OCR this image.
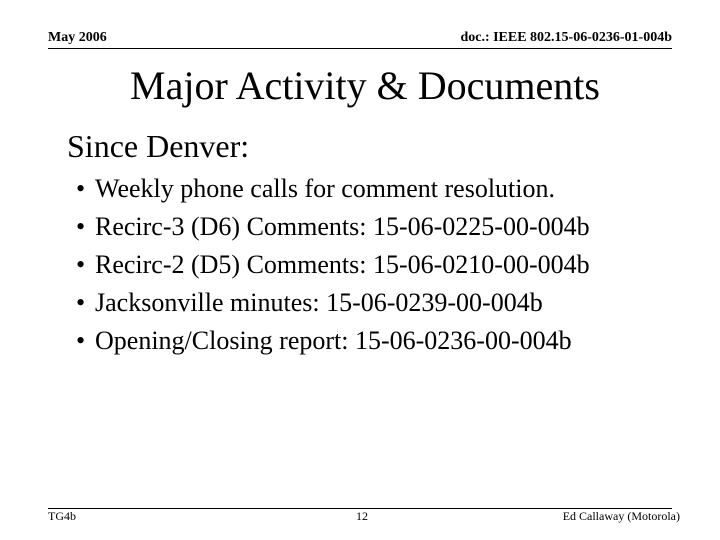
May 2006	doc.: IEEE 802.15-06-0236-01-004b
Major Activity & Documents
Since Denver:
• Weekly phone calls for comment resolution.
• Recirc-3 (D6) Comments: 15-06-0225-00-004b
• Recirc-2 (D5) Comments: 15-06-0210-00-004b
• Jacksonville minutes: 15-06-0239-00-004b
• Opening/Closing report: 15-06-0236-00-004b
TG4b	12	Ed Callaway (Motorola)
